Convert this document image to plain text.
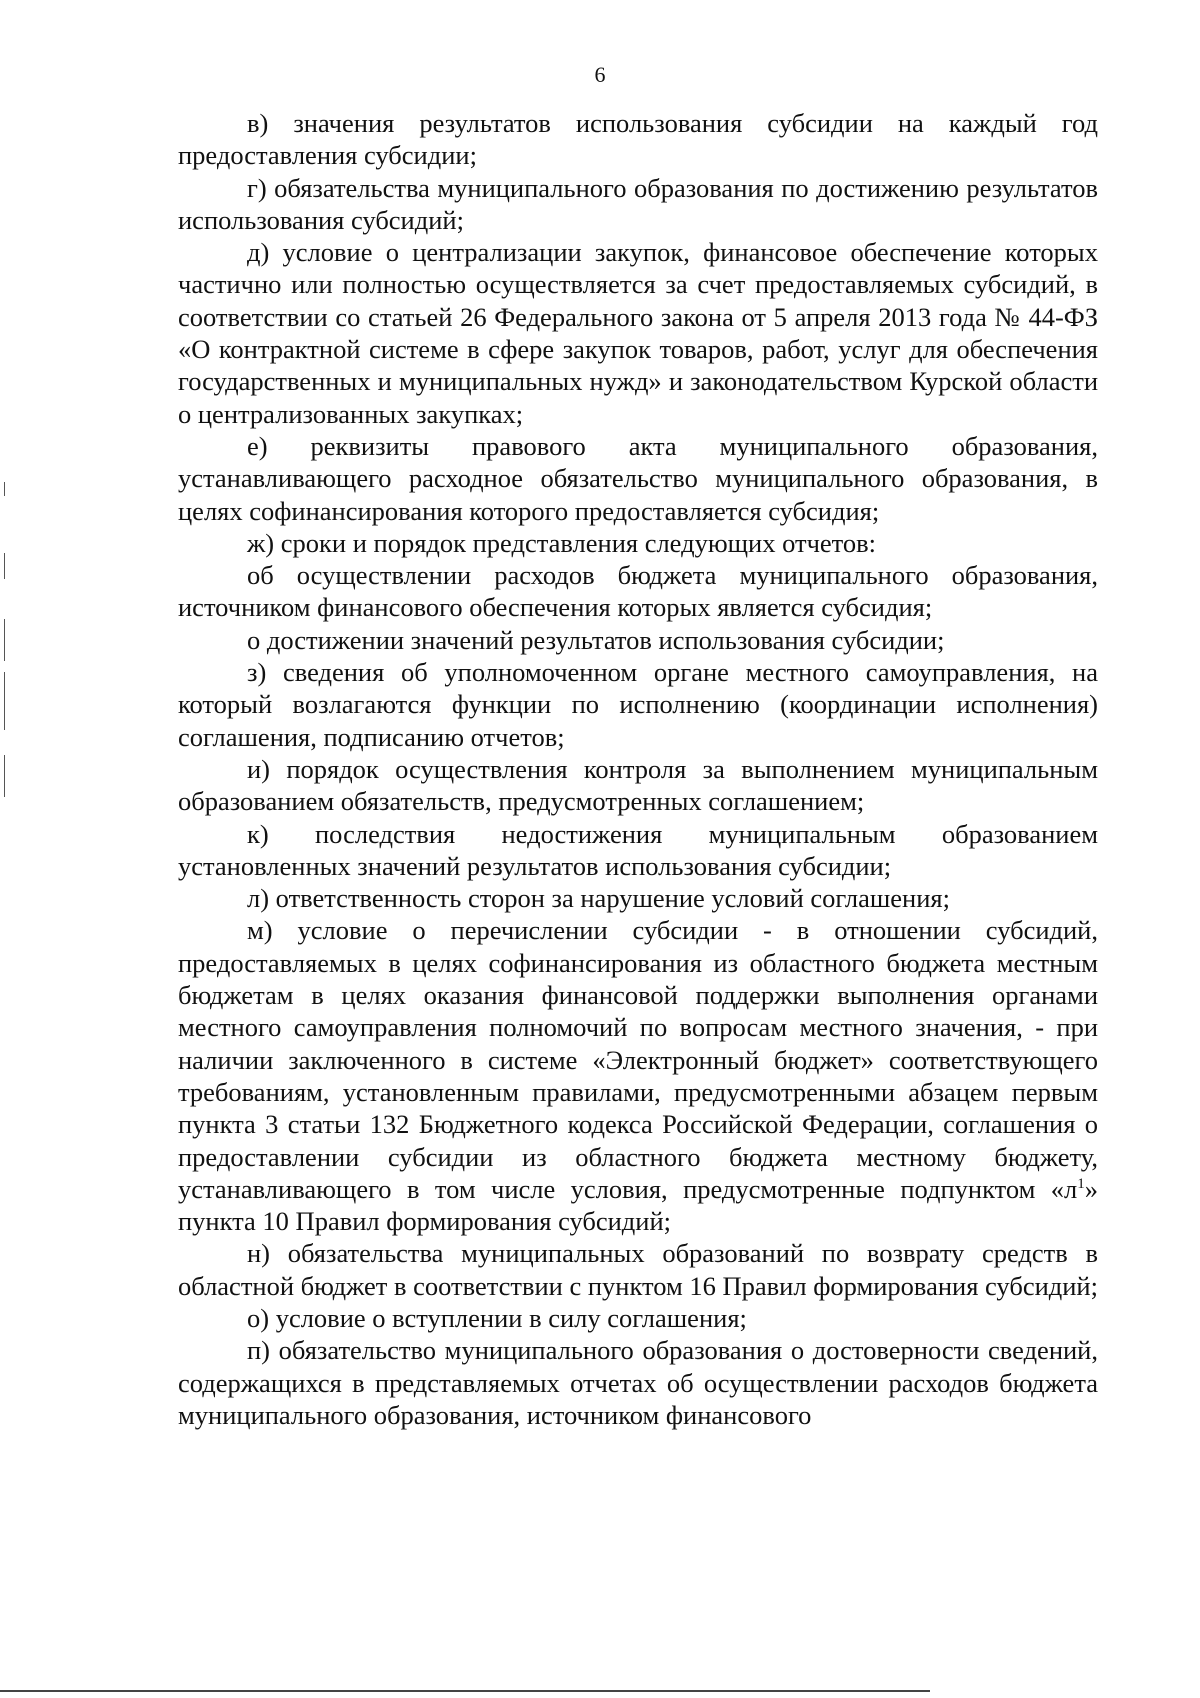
6

в) значения результатов использования субсидии на каждый год предоставления субсидии;

г) обязательства муниципального образования по достижению результатов использования субсидий;

д) условие о централизации закупок, финансовое обеспечение которых частично или полностью осуществляется за счет предоставляемых субсидий, в соответствии со статьей 26 Федерального закона от 5 апреля 2013 года № 44-ФЗ «О контрактной системе в сфере закупок товаров, работ, услуг для обеспечения государственных и муниципальных нужд» и законодательством Курской области о централизованных закупках;

е) реквизиты правового акта муниципального образования, устанавливающего расходное обязательство муниципального образования, в целях софинансирования которого предоставляется субсидия;

ж) сроки и порядок представления следующих отчетов:

об осуществлении расходов бюджета муниципального образования, источником финансового обеспечения которых является субсидия;

о достижении значений результатов использования субсидии;

з) сведения об уполномоченном органе местного самоуправления, на который возлагаются функции по исполнению (координации исполнения) соглашения, подписанию отчетов;

и) порядок осуществления контроля за выполнением муниципальным образованием обязательств, предусмотренных соглашением;

к) последствия недостижения муниципальным образованием установленных значений результатов использования субсидии;

л) ответственность сторон за нарушение условий соглашения;

м) условие о перечислении субсидии - в отношении субсидий, предоставляемых в целях софинансирования из областного бюджета местным бюджетам в целях оказания финансовой поддержки выполнения органами местного самоуправления полномочий по вопросам местного значения, - при наличии заключенного в системе «Электронный бюджет» соответствующего требованиям, установленным правилами, предусмотренными абзацем первым пункта 3 статьи 132 Бюджетного кодекса Российской Федерации, соглашения о предоставлении субсидии из областного бюджета местному бюджету, устанавливающего в том числе условия, предусмотренные подпунктом «$л^1$» пункта 10 Правил формирования субсидий;

н) обязательства муниципальных образований по возврату средств в областной бюджет в соответствии с пунктом 16 Правил формирования субсидий;

о) условие о вступлении в силу соглашения;

п) обязательство муниципального образования о достоверности сведений, содержащихся в представляемых отчетах об осуществлении расходов бюджета муниципального образования, источником финансового
